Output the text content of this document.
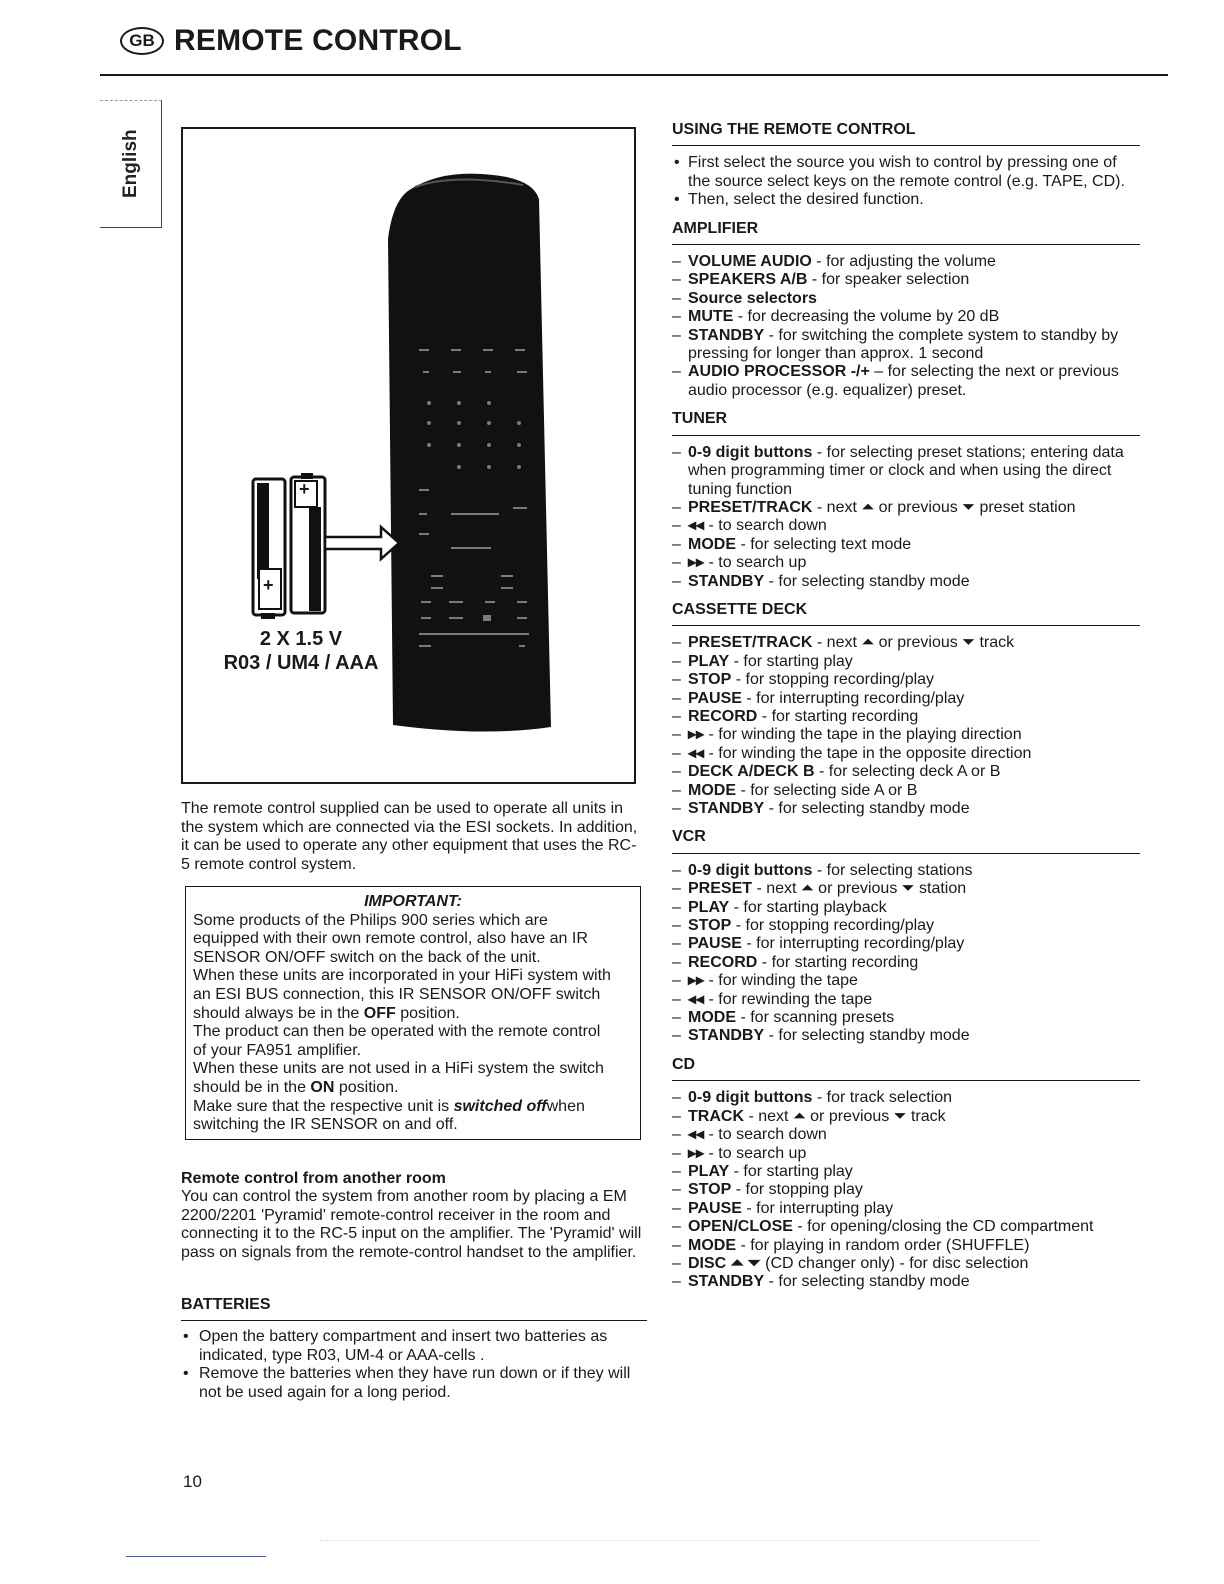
GB REMOTE CONTROL
English
+
+
2 X 1.5 V
R03 / UM4 / AAA
The remote control supplied can be used to operate all units in the system which are connected via the ESI sockets. In addition, it can be used to operate any other equipment that uses the RC-5 remote control system.
IMPORTANT:
Some products of the Philips 900 series which are
equipped with their own remote control, also have an IR
SENSOR ON/OFF switch on the back of the unit.
When these units are incorporated in your HiFi system with
an ESI BUS connection, this IR SENSOR ON/OFF switch
should always be in the OFF position.
The product can then be operated with the remote control
of your FA951 amplifier.
When these units are not used in a HiFi system the switch
should be in the ON position.
Make sure that the respective unit is switched offwhen
switching the IR SENSOR on and off.
Remote control from another room
You can control the system from another room by placing a EM 2200/2201 'Pyramid' remote-control receiver in the room and connecting it to the RC-5 input on the amplifier. The 'Pyramid' will pass on signals from the remote-control handset to the amplifier.
BATTERIES
• Open the battery compartment and insert two batteries as indicated, type R03, UM-4 or AAA-cells .
• Remove the batteries when they have run down or if they will not be used again for a long period.
10
USING THE REMOTE CONTROL
• First select the source you wish to control by pressing one of the source select keys on the remote control (e.g. TAPE, CD).
• Then, select the desired function.
AMPLIFIER
– VOLUME AUDIO - for adjusting the volume
– SPEAKERS A/B - for speaker selection
– Source selectors
– MUTE - for decreasing the volume by 20 dB
– STANDBY - for switching the complete system to standby by pressing for longer than approx. 1 second
– AUDIO PROCESSOR -/+ – for selecting the next or previous audio processor (e.g. equalizer) preset.
TUNER
– 0-9 digit buttons - for selecting preset stations; entering data when programming timer or clock and when using the direct tuning function
– PRESET/TRACK - next ⏶ or previous ⏷ preset station
– ◂◂ - to search down
– MODE - for selecting text mode
– ▸▸ - to search up
– STANDBY - for selecting standby mode
CASSETTE DECK
– PRESET/TRACK - next ⏶ or previous ⏷ track
– PLAY - for starting play
– STOP - for stopping recording/play
– PAUSE - for interrupting recording/play
– RECORD - for starting recording
– ▸▸ - for winding the tape in the playing direction
– ◂◂ - for winding the tape in the opposite direction
– DECK A/DECK B - for selecting deck A or B
– MODE - for selecting side A or B
– STANDBY - for selecting standby mode
VCR
– 0-9 digit buttons - for selecting stations
– PRESET - next ⏶ or previous ⏷ station
– PLAY - for starting playback
– STOP - for stopping recording/play
– PAUSE - for interrupting recording/play
– RECORD - for starting recording
– ▸▸ - for winding the tape
– ◂◂ - for rewinding the tape
– MODE - for scanning presets
– STANDBY - for selecting standby mode
CD
– 0-9 digit buttons - for track selection
– TRACK - next ⏶ or previous ⏷ track
– ◂◂ - to search down
– ▸▸ - to search up
– PLAY - for starting play
– STOP - for stopping play
– PAUSE - for interrupting play
– OPEN/CLOSE - for opening/closing the CD compartment
– MODE - for playing in random order (SHUFFLE)
– DISC ⏶ ⏷ (CD changer only) - for disc selection
– STANDBY - for selecting standby mode
